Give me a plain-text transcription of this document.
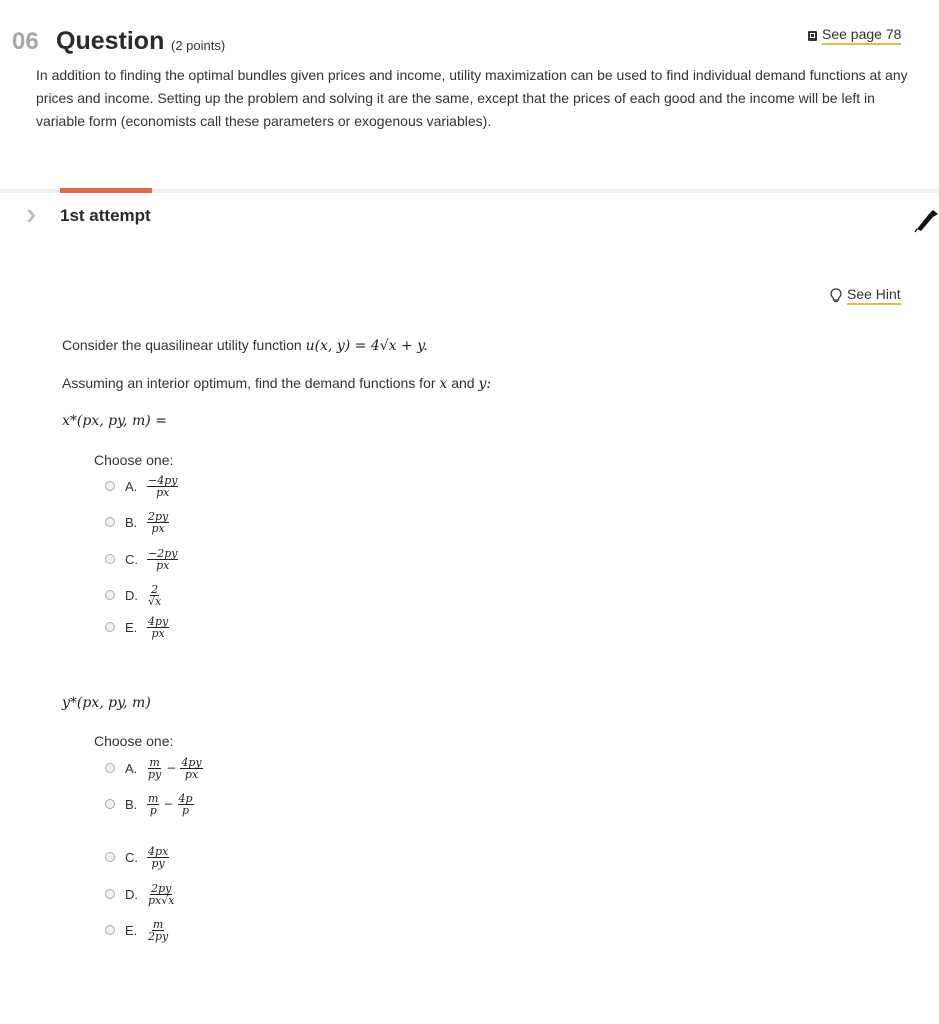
06 Question (2 points)
See page 78
In addition to finding the optimal bundles given prices and income, utility maximization can be used to find individual demand functions at any prices and income. Setting up the problem and solving it are the same, except that the prices of each good and the income will be left in variable form (economists call these parameters or exogenous variables).
❯ 1st attempt
See Hint
Consider the quasilinear utility function u(x, y) = 4√x + y.
Assuming an interior optimum, find the demand functions for x and y:
x*(px, py, m) =
Choose one:
A. $\frac{-4py}{px}$
B. $\frac{2py}{px}$
C. $\frac{-2py}{px}$
D. $\frac{2}{√x}$
E. $\frac{4py}{px}$
y*(px, py, m)
Choose one:
A. $\frac{m}{py} - \frac{4py}{px}$
B. $\frac{m}{p} - \frac{4p}{p}$
C. $\frac{4px}{py}$
D. $\frac{2py}{px√x}$
E. $\frac{m}{2py}$
